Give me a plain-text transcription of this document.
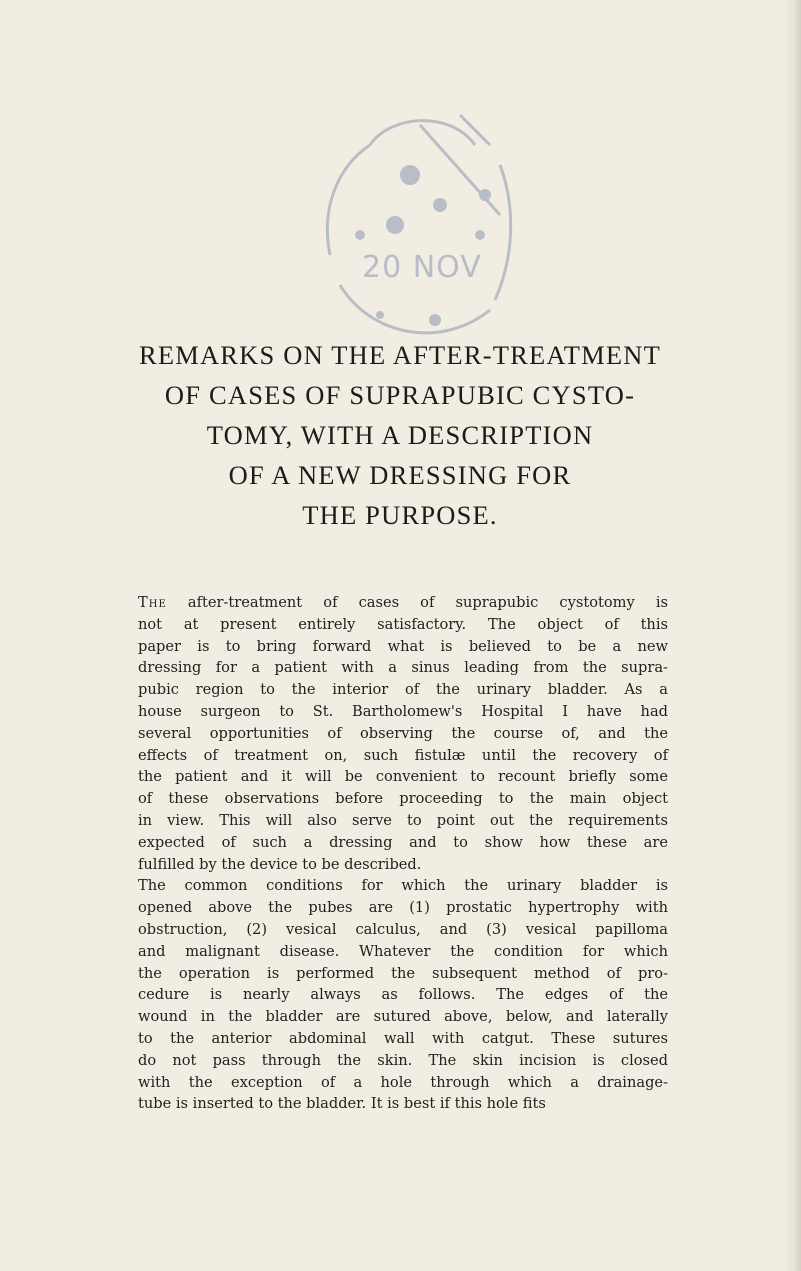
20 NOV
REMARKS ON THE AFTER-TREATMENT
OF CASES OF SUPRAPUBIC CYSTO-
TOMY, WITH A DESCRIPTION
OF A NEW DRESSING FOR
THE PURPOSE.
The after-treatment of cases of suprapubic cystotomy is
not at present entirely satisfactory. The object of this
paper is to bring forward what is believed to be a new
dressing for a patient with a sinus leading from the supra-
pubic region to the interior of the urinary bladder. As a
house surgeon to St. Bartholomew's Hospital I have had
several opportunities of observing the course of, and the
effects of treatment on, such fistulæ until the recovery of
the patient and it will be convenient to recount briefly some
of these observations before proceeding to the main object
in view. This will also serve to point out the requirements
expected of such a dressing and to show how these are
fulfilled by the device to be described.
The common conditions for which the urinary bladder is
opened above the pubes are (1) prostatic hypertrophy with
obstruction, (2) vesical calculus, and (3) vesical papilloma
and malignant disease. Whatever the condition for which
the operation is performed the subsequent method of pro-
cedure is nearly always as follows. The edges of the
wound in the bladder are sutured above, below, and laterally
to the anterior abdominal wall with catgut. These sutures
do not pass through the skin. The skin incision is closed
with the exception of a hole through which a drainage-
tube is inserted to the bladder. It is best if this hole fits
